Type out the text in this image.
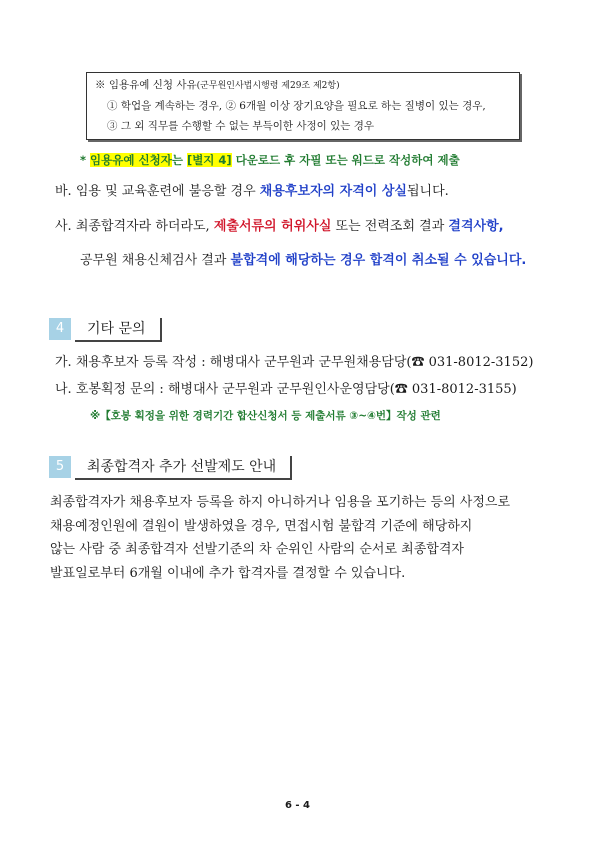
※ 임용유예 신청 사유(군무원인사법시행령 제29조 제2항)
① 학업을 계속하는 경우, ② 6개월 이상 장기요양을 필요로 하는 질병이 있는 경우,
③ 그 외 직무를 수행할 수 없는 부득이한 사정이 있는 경우
* 임용유예 신청자는 [별지 4] 다운로드 후 자필 또는 워드로 작성하여 제출
바. 임용 및 교육훈련에 불응할 경우 채용후보자의 자격이 상실됩니다.
사. 최종합격자라 하더라도, 제출서류의 허위사실 또는 전력조회 결과 결격사항,
공무원 채용신체검사 결과 불합격에 해당하는 경우 합격이 취소될 수 있습니다.
4	기타 문의
가. 채용후보자 등록 작성 : 해병대사 군무원과 군무원채용담당(☎ 031-8012-3152)
나. 호봉획정 문의 : 해병대사 군무원과 군무원인사운영담당(☎ 031-8012-3155)
※【호봉 획정을 위한 경력기간 합산신청서 등 제출서류 ③~④번】작성 관련
5	최종합격자 추가 선발제도 안내
최종합격자가 채용후보자 등록을 하지 아니하거나 임용을 포기하는 등의 사정으로
채용예정인원에 결원이 발생하였을 경우, 면접시험 불합격 기준에 해당하지
않는 사람 중 최종합격자 선발기준의 차 순위인 사람의 순서로 최종합격자
발표일로부터 6개월 이내에 추가 합격자를 결정할 수 있습니다.
6 - 4
